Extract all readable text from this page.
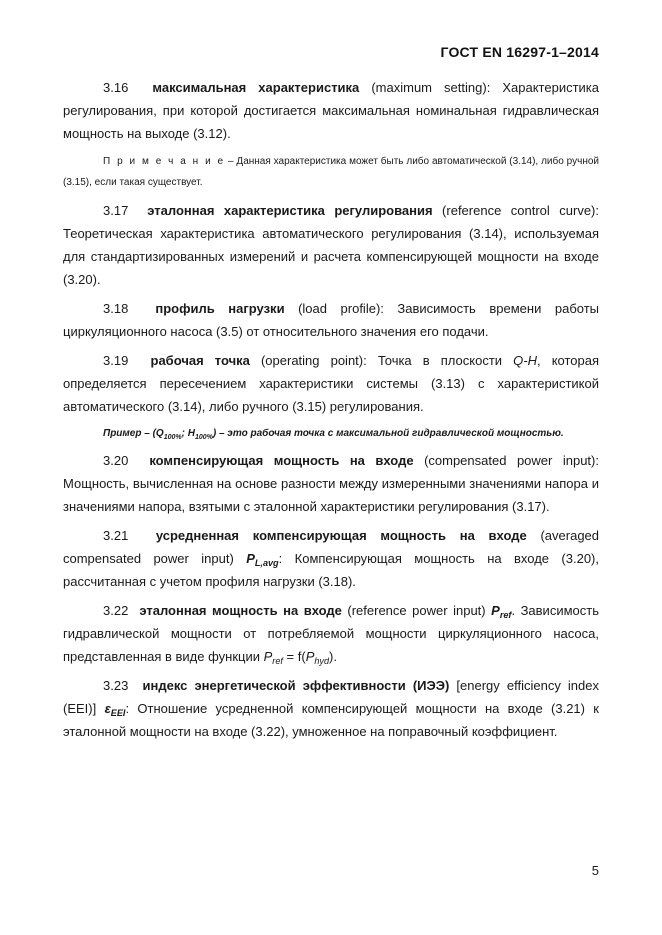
ГОСТ EN 16297-1–2014

3.16 максимальная характеристика (maximum setting): Характеристика регулирования, при которой достигается максимальная номинальная гидравлическая мощность на выходе (3.12).

П р и м е ч а н и е – Данная характеристика может быть либо автоматической (3.14), либо ручной (3.15), если такая существует.

3.17 эталонная характеристика регулирования (reference control curve): Теоретическая характеристика автоматического регулирования (3.14), используемая для стандартизированных измерений и расчета компенсирующей мощности на входе (3.20).

3.18 профиль нагрузки (load profile): Зависимость времени работы циркуляционного насоса (3.5) от относительного значения его подачи.

3.19 рабочая точка (operating point): Точка в плоскости Q-H, которая определяется пересечением характеристики системы (3.13) с характеристикой автоматического (3.14), либо ручного (3.15) регулирования.

Пример – ($Q_{100\%}$; $H_{100\%}$) – это рабочая точка с максимальной гидравлической мощностью.

3.20 компенсирующая мощность на входе (compensated power input): Мощность, вычисленная на основе разности между измеренными значениями напора и значениями напора, взятыми с эталонной характеристики регулирования (3.17).

3.21 усредненная компенсирующая мощность на входе (averaged compensated power input) $P_{L,avg}$: Компенсирующая мощность на входе (3.20), рассчитанная с учетом профиля нагрузки (3.18).

3.22 эталонная мощность на входе (reference power input) $P_{ref}$. Зависимость гидравлической мощности от потребляемой мощности циркуляционного насоса, представленная в виде функции $P_{ref} = f(P_{hyd})$.

3.23 индекс энергетической эффективности (ИЭЭ) [energy efficiency index (EEI)] $\varepsilon_{EEI}$: Отношение усредненной компенсирующей мощности на входе (3.21) к эталонной мощности на входе (3.22), умноженное на поправочный коэффициент.

5
